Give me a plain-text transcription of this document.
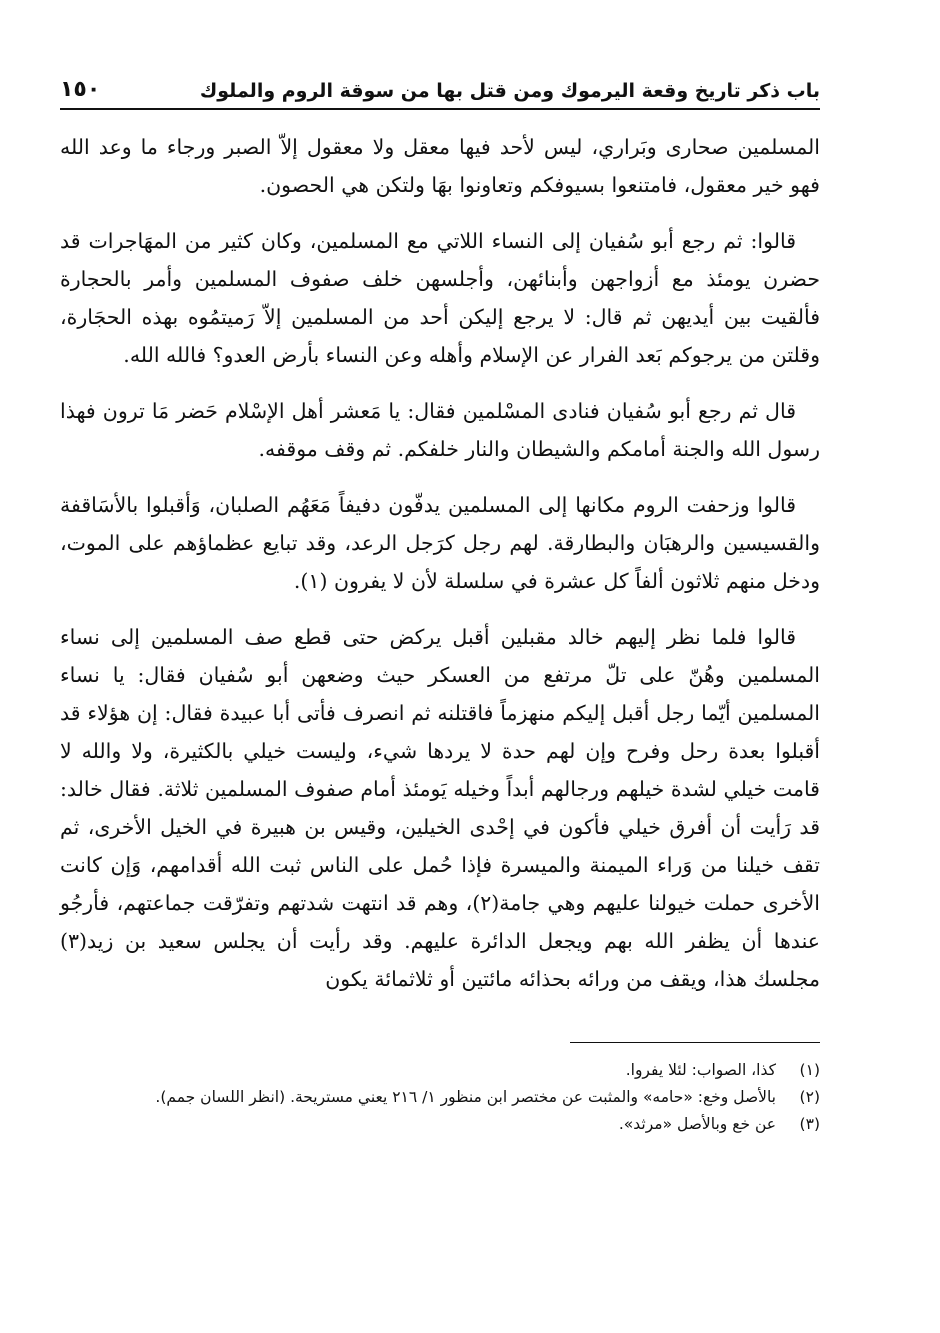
باب ذكر تاريخ وقعة اليرموك ومن قتل بها من سوقة الروم والملوك
١٥٠

المسلمين صحارى وبَراري، ليس لأحد فيها معقل ولا معقول إلاّ الصبر ورجاء ما وعد الله فهو خير معقول، فامتنعوا بسيوفكم وتعاونوا بهَا ولتكن هي الحصون.

قالوا: ثم رجع أبو سُفيان إلى النساء اللاتي مع المسلمين، وكان كثير من المهَاجرات قد حضرن يومئذ مع أزواجهن وأبنائهن، وأجلسهن خلف صفوف المسلمين وأمر بالحجارة فألقيت بين أيديهن ثم قال: لا يرجع إليكن أحد من المسلمين إلاّ رَميتمُوه بهذه الحجَارة، وقلتن من يرجوكم بَعد الفرار عن الإسلام وأهله وعن النساء بأرض العدو؟ فالله الله.

قال ثم رجع أبو سُفيان فنادى المسْلمين فقال: يا مَعشر أهل الإسْلام حَضر مَا ترون فهذا رسول الله والجنة أمامكم والشيطان والنار خلفكم. ثم وقف موقفه.

قالوا وزحفت الروم مكانها إلى المسلمين يدفّون دفيفاً مَعَهُم الصلبان، وَأقبلوا بالأسَاقفة والقسيسين والرهبَان والبطارقة. لهم رجل كرَجل الرعد، وقد تبايع عظماؤهم على الموت، ودخل منهم ثلاثون ألفاً كل عشرة في سلسلة لأن لا يفرون (١).

قالوا فلما نظر إليهم خالد مقبلين أقبل يركض حتى قطع صف المسلمين إلى نساء المسلمين وهُنّ على تلّ مرتفع من العسكر حيث وضعهن أبو سُفيان فقال: يا نساء المسلمين أيّما رجل أقبل إليكم منهزماً فاقتلنه ثم انصرف فأتى أبا عبيدة فقال: إن هؤلاء قد أقبلوا بعدة رحل وفرح وإن لهم حدة لا يردها شيء، وليست خيلي بالكثيرة، ولا والله لا قامت خيلي لشدة خيلهم ورجالهم أبداً وخيله يَومئذ أمام صفوف المسلمين ثلاثة. فقال خالد: قد رَأيت أن أفرق خيلي فأكون في إحْدى الخيلين، وقيس بن هبيرة في الخيل الأخرى، ثم تقف خيلنا من وَراء الميمنة والميسرة فإذا حُمل على الناس ثبت الله أقدامهم، وَإن كانت الأخرى حملت خيولنا عليهم وهي جامة(٢)، وهم قد انتهت شدتهم وتفرّقت جماعتهم، فأرجُو عندها أن يظفر الله بهم ويجعل الدائرة عليهم. وقد رأيت أن يجلس سعيد بن زيد(٣) مجلسك هذا، ويقف من ورائه بحذائه مائتين أو ثلاثمائة يكون

(١)
كذا، الصواب: لئلا يفروا.
(٢)
بالأصل وخع: «حامه» والمثبت عن مختصر ابن منظور ١/ ٢١٦ يعني مستريحة. (انظر اللسان جمم).
(٣)
عن خع وبالأصل «مرثد».
